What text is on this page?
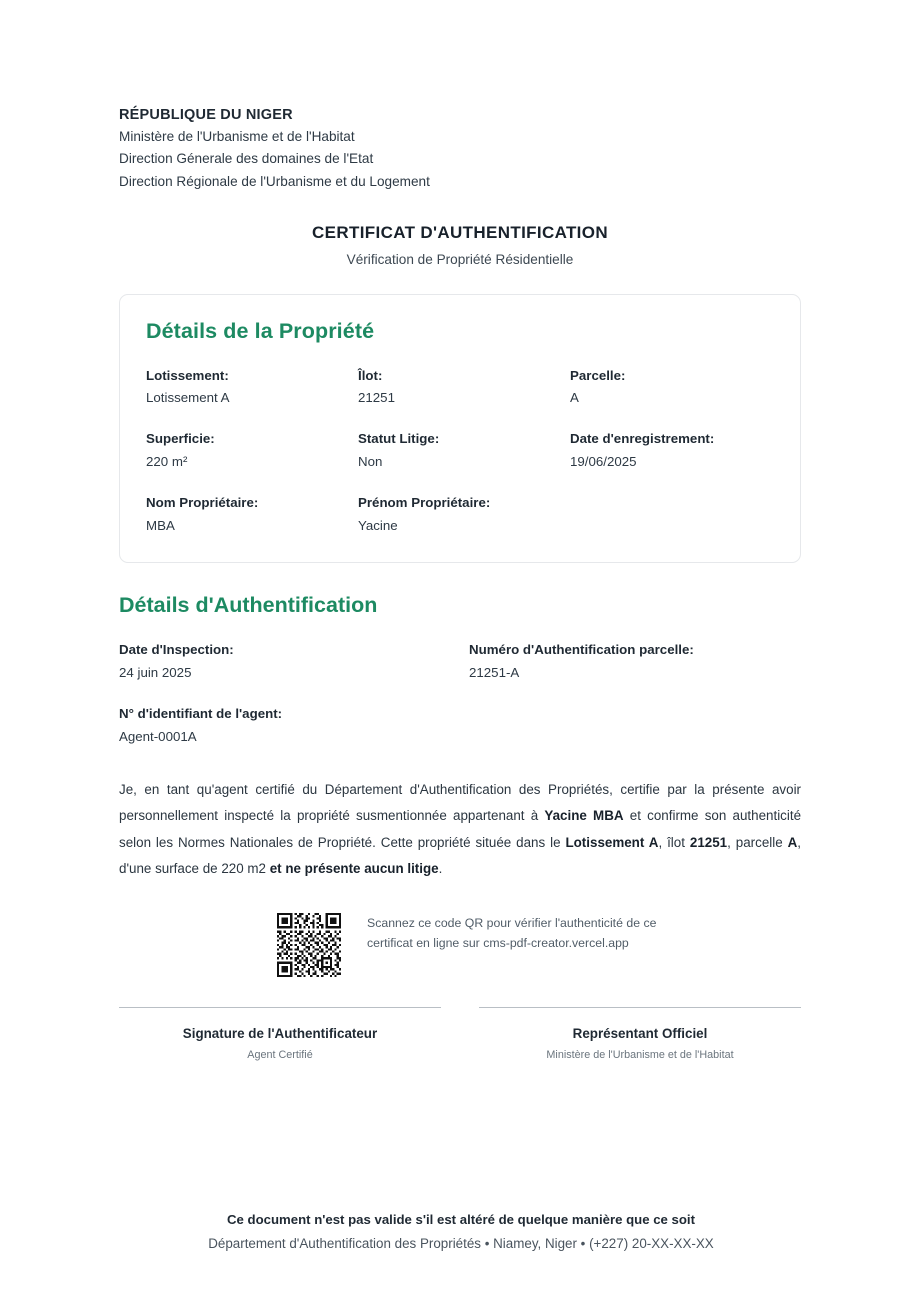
RÉPUBLIQUE DU NIGER
Ministère de l'Urbanisme et de l'Habitat
Direction Génerale des domaines de l'Etat
Direction Régionale de l'Urbanisme et du Logement
CERTIFICAT D'AUTHENTIFICATION
Vérification de Propriété Résidentielle
Détails de la Propriété
Lotissement:
Lotissement A
Îlot:
21251
Parcelle:
A
Superficie:
220 m²
Statut Litige:
Non
Date d'enregistrement:
19/06/2025
Nom Propriétaire:
MBA
Prénom Propriétaire:
Yacine
Détails d'Authentification
Date d'Inspection:
24 juin 2025
Numéro d'Authentification parcelle:
21251-A
N° d'identifiant de l'agent:
Agent-0001A

Je, en tant qu'agent certifié du Département d'Authentification des Propriétés, certifie par la présente avoir personnellement inspecté la propriété susmentionnée appartenant à Yacine MBA et confirme son authenticité selon les Normes Nationales de Propriété. Cette propriété située dans le Lotissement A, îlot 21251, parcelle A, d'une surface de 220 m2 et ne présente aucun litige.

Scannez ce code QR pour vérifier l'authenticité de ce certificat en ligne sur cms-pdf-creator.vercel.app
Signature de l'Authentificateur
Agent Certifié
Représentant Officiel
Ministère de l'Urbanisme et de l'Habitat
Ce document n'est pas valide s'il est altéré de quelque manière que ce soit
Département d'Authentification des Propriétés • Niamey, Niger • (+227) 20-XX-XX-XX
